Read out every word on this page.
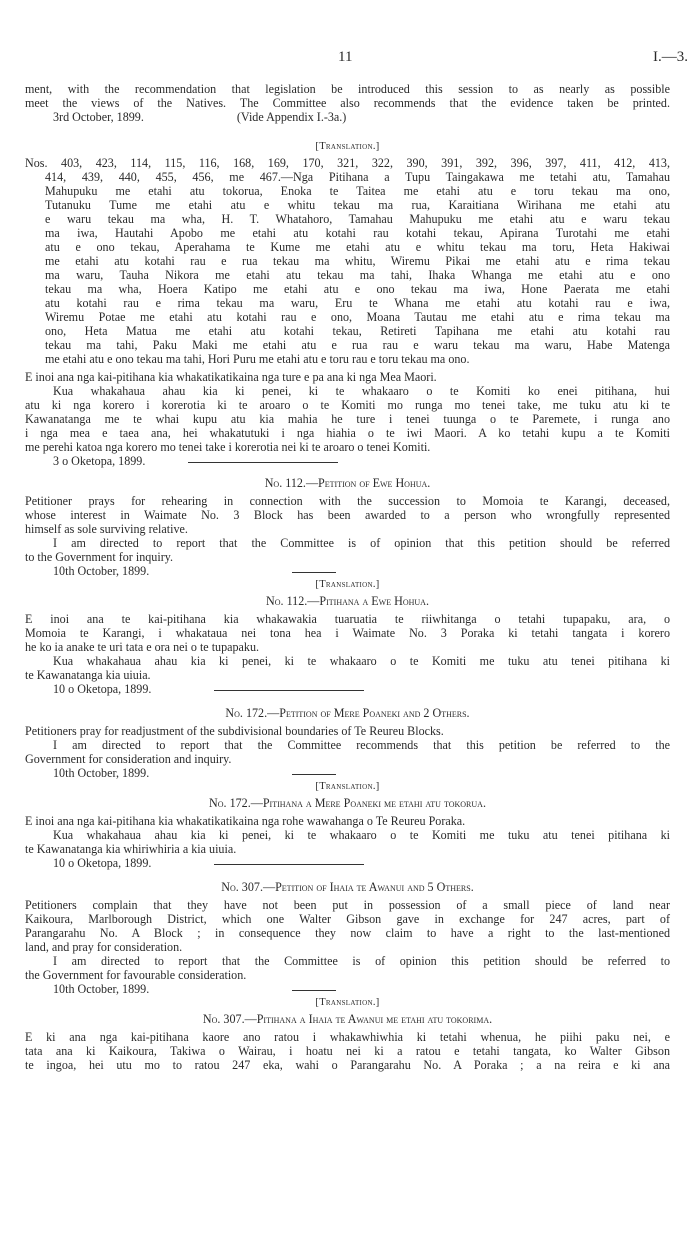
11	I.—3.

ment, with the recommendation that legislation be introduced this session to as nearly as possible

meet the views of the Natives. The Committee also recommends that the evidence taken be printed.

3rd October, 1899.	(Vide Appendix I.-3a.)

[Translation.]

Nos. 403, 423, 114, 115, 116, 168, 169, 170, 321, 322, 390, 391, 392, 396, 397, 411, 412, 413,

414, 439, 440, 455, 456, me 467.—Nga Pitihana a Tupu Taingakawa me tetahi atu, Tamahau

Mahupuku me etahi atu tokorua, Enoka te Taitea me etahi atu e toru tekau ma ono,

Tutanuku Tume me etahi atu e whitu tekau ma rua, Karaitiana Wirihana me etahi atu

e waru tekau ma wha, H. T. Whatahoro, Tamahau Mahupuku me etahi atu e waru tekau

ma iwa, Hautahi Apobo me etahi atu kotahi rau kotahi tekau, Apirana Turotahi me etahi

atu e ono tekau, Aperahama te Kume me etahi atu e whitu tekau ma toru, Heta Hakiwai

me etahi atu kotahi rau e rua tekau ma whitu, Wiremu Pikai me etahi atu e rima tekau

ma waru, Tauha Nikora me etahi atu tekau ma tahi, Ihaka Whanga me etahi atu e ono

tekau ma wha, Hoera Katipo me etahi atu e ono tekau ma iwa, Hone Paerata me etahi

atu kotahi rau e rima tekau ma waru, Eru te Whana me etahi atu kotahi rau e iwa,

Wiremu Potae me etahi atu kotahi rau e ono, Moana Tautau me etahi atu e rima tekau ma

ono, Heta Matua me etahi atu kotahi tekau, Retireti Tapihana me etahi atu kotahi rau

tekau ma tahi, Paku Maki me etahi atu e rua rau e waru tekau ma waru, Habe Matenga

me etahi atu e ono tekau ma tahi, Hori Puru me etahi atu e toru rau e toru tekau ma ono.

E inoi ana nga kai-pitihana kia whakatikatikaina nga ture e pa ana ki nga Mea Maori.

Kua whakahaua ahau kia ki penei, ki te whakaaro o te Komiti ko enei pitihana, hui

atu ki nga korero i korerotia ki te aroaro o te Komiti mo runga mo tenei take, me tuku atu ki te

Kawanatanga me te whai kupu atu kia mahia he ture i tenei tuunga o te Paremete, i runga ano

i nga mea e taea ana, hei whakatutuki i nga hiahia o te iwi Maori. A ko tetahi kupu a te Komiti

me perehi katoa nga korero mo tenei take i korerotia nei ki te aroaro o tenei Komiti.

3 o Oketopa, 1899.

No. 112.—Petition of Ewe Hohua.

Petitioner prays for rehearing in connection with the succession to Momoia te Karangi, deceased,

whose interest in Waimate No. 3 Block has been awarded to a person who wrongfully represented

himself as sole surviving relative.

I am directed to report that the Committee is of opinion that this petition should be referred

to the Government for inquiry.

10th October, 1899.

[Translation.]

No. 112.—Pitihana a Ewe Hohua.

E inoi ana te kai-pitihana kia whakawakia tuaruatia te riiwhitanga o tetahi tupapaku, ara, o

Momoia te Karangi, i whakataua nei tona hea i Waimate No. 3 Poraka ki tetahi tangata i korero

he ko ia anake te uri tata e ora nei o te tupapaku.

Kua whakahaua ahau kia ki penei, ki te whakaaro o te Komiti me tuku atu tenei pitihana ki

te Kawanatanga kia uiuia.

10 o Oketopa, 1899.

No. 172.—Petition of Mere Poaneki and 2 Others.

Petitioners pray for readjustment of the subdivisional boundaries of Te Reureu Blocks.

I am directed to report that the Committee recommends that this petition be referred to the

Government for consideration and inquiry.

10th October, 1899.

[Translation.]

No. 172.—Pitihana a Mere Poaneki me etahi atu tokorua.

E inoi ana nga kai-pitihana kia whakatikatikaina nga rohe wawahanga o Te Reureu Poraka.

Kua whakahaua ahau kia ki penei, ki te whakaaro o te Komiti me tuku atu tenei pitihana ki

te Kawanatanga kia whiriwhiria a kia uiuia.

10 o Oketopa, 1899.

No. 307.—Petition of Ihaia te Awanui and 5 Others.

Petitioners complain that they have not been put in possession of a small piece of land near

Kaikoura, Marlborough District, which one Walter Gibson gave in exchange for 247 acres, part of

Parangarahu No. A Block ; in consequence they now claim to have a right to the last-mentioned

land, and pray for consideration.

I am directed to report that the Committee is of opinion this petition should be referred to

the Government for favourable consideration.

10th October, 1899.

[Translation.]

No. 307.—Pitihana a Ihaia te Awanui me etahi atu tokorima.

E ki ana nga kai-pitihana kaore ano ratou i whakawhiwhia ki tetahi whenua, he piihi paku nei, e

tata ana ki Kaikoura, Takiwa o Wairau, i hoatu nei ki a ratou e tetahi tangata, ko Walter Gibson

te ingoa, hei utu mo to ratou 247 eka, wahi o Parangarahu No. A Poraka ; a na reira e ki ana
